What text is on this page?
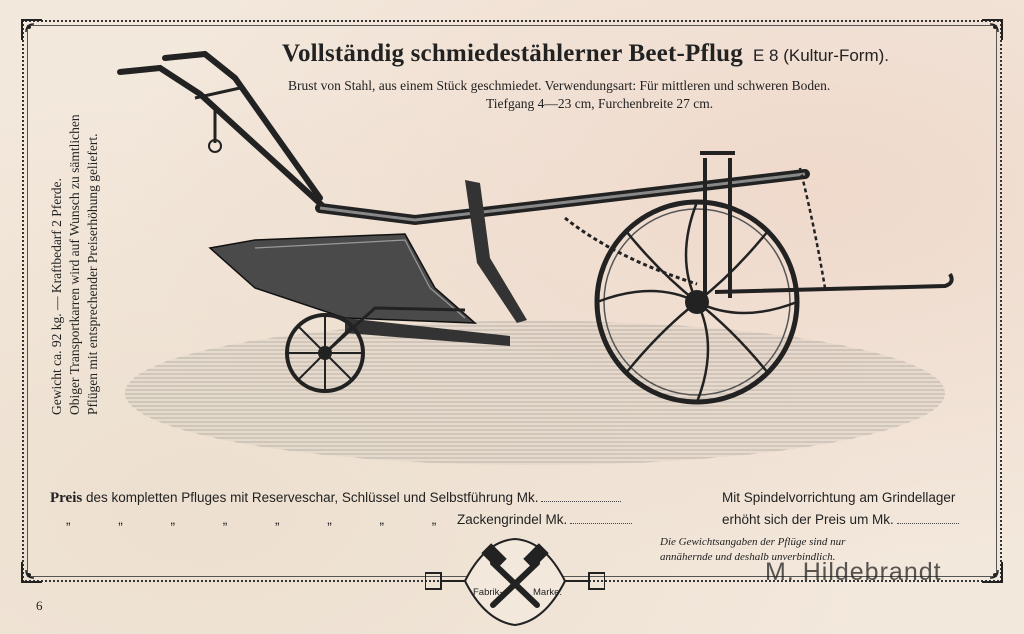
Vollständig schmiedestählerner Beet-Pflug E 8 (Kultur-Form).
Brust von Stahl, aus einem Stück geschmiedet. Verwendungsart: Für mittleren und schweren Boden.
Tiefgang 4—23 cm, Furchenbreite 27 cm.
Gewicht ca. 92 kg. — Kraftbedarf 2 Pferde. Obiger Transportkarren wird auf Wunsch zu sämtlichen Pflügen mit entsprechender Preiserhöhung geliefert.
Preis des kompletten Pfluges mit Reserveschar, Schlüssel und Selbstführung Mk.
„ „ „ „ „ „ „ „ Zackengrindel Mk.
Mit Spindelvorrichtung am Grindellager
erhöht sich der Preis um Mk.
Die Gewichtsangaben der Pflüge sind nur
annähernde und deshalb unverbindlich.
Fabrik-	Marke.
6
M. Hildebrandt
